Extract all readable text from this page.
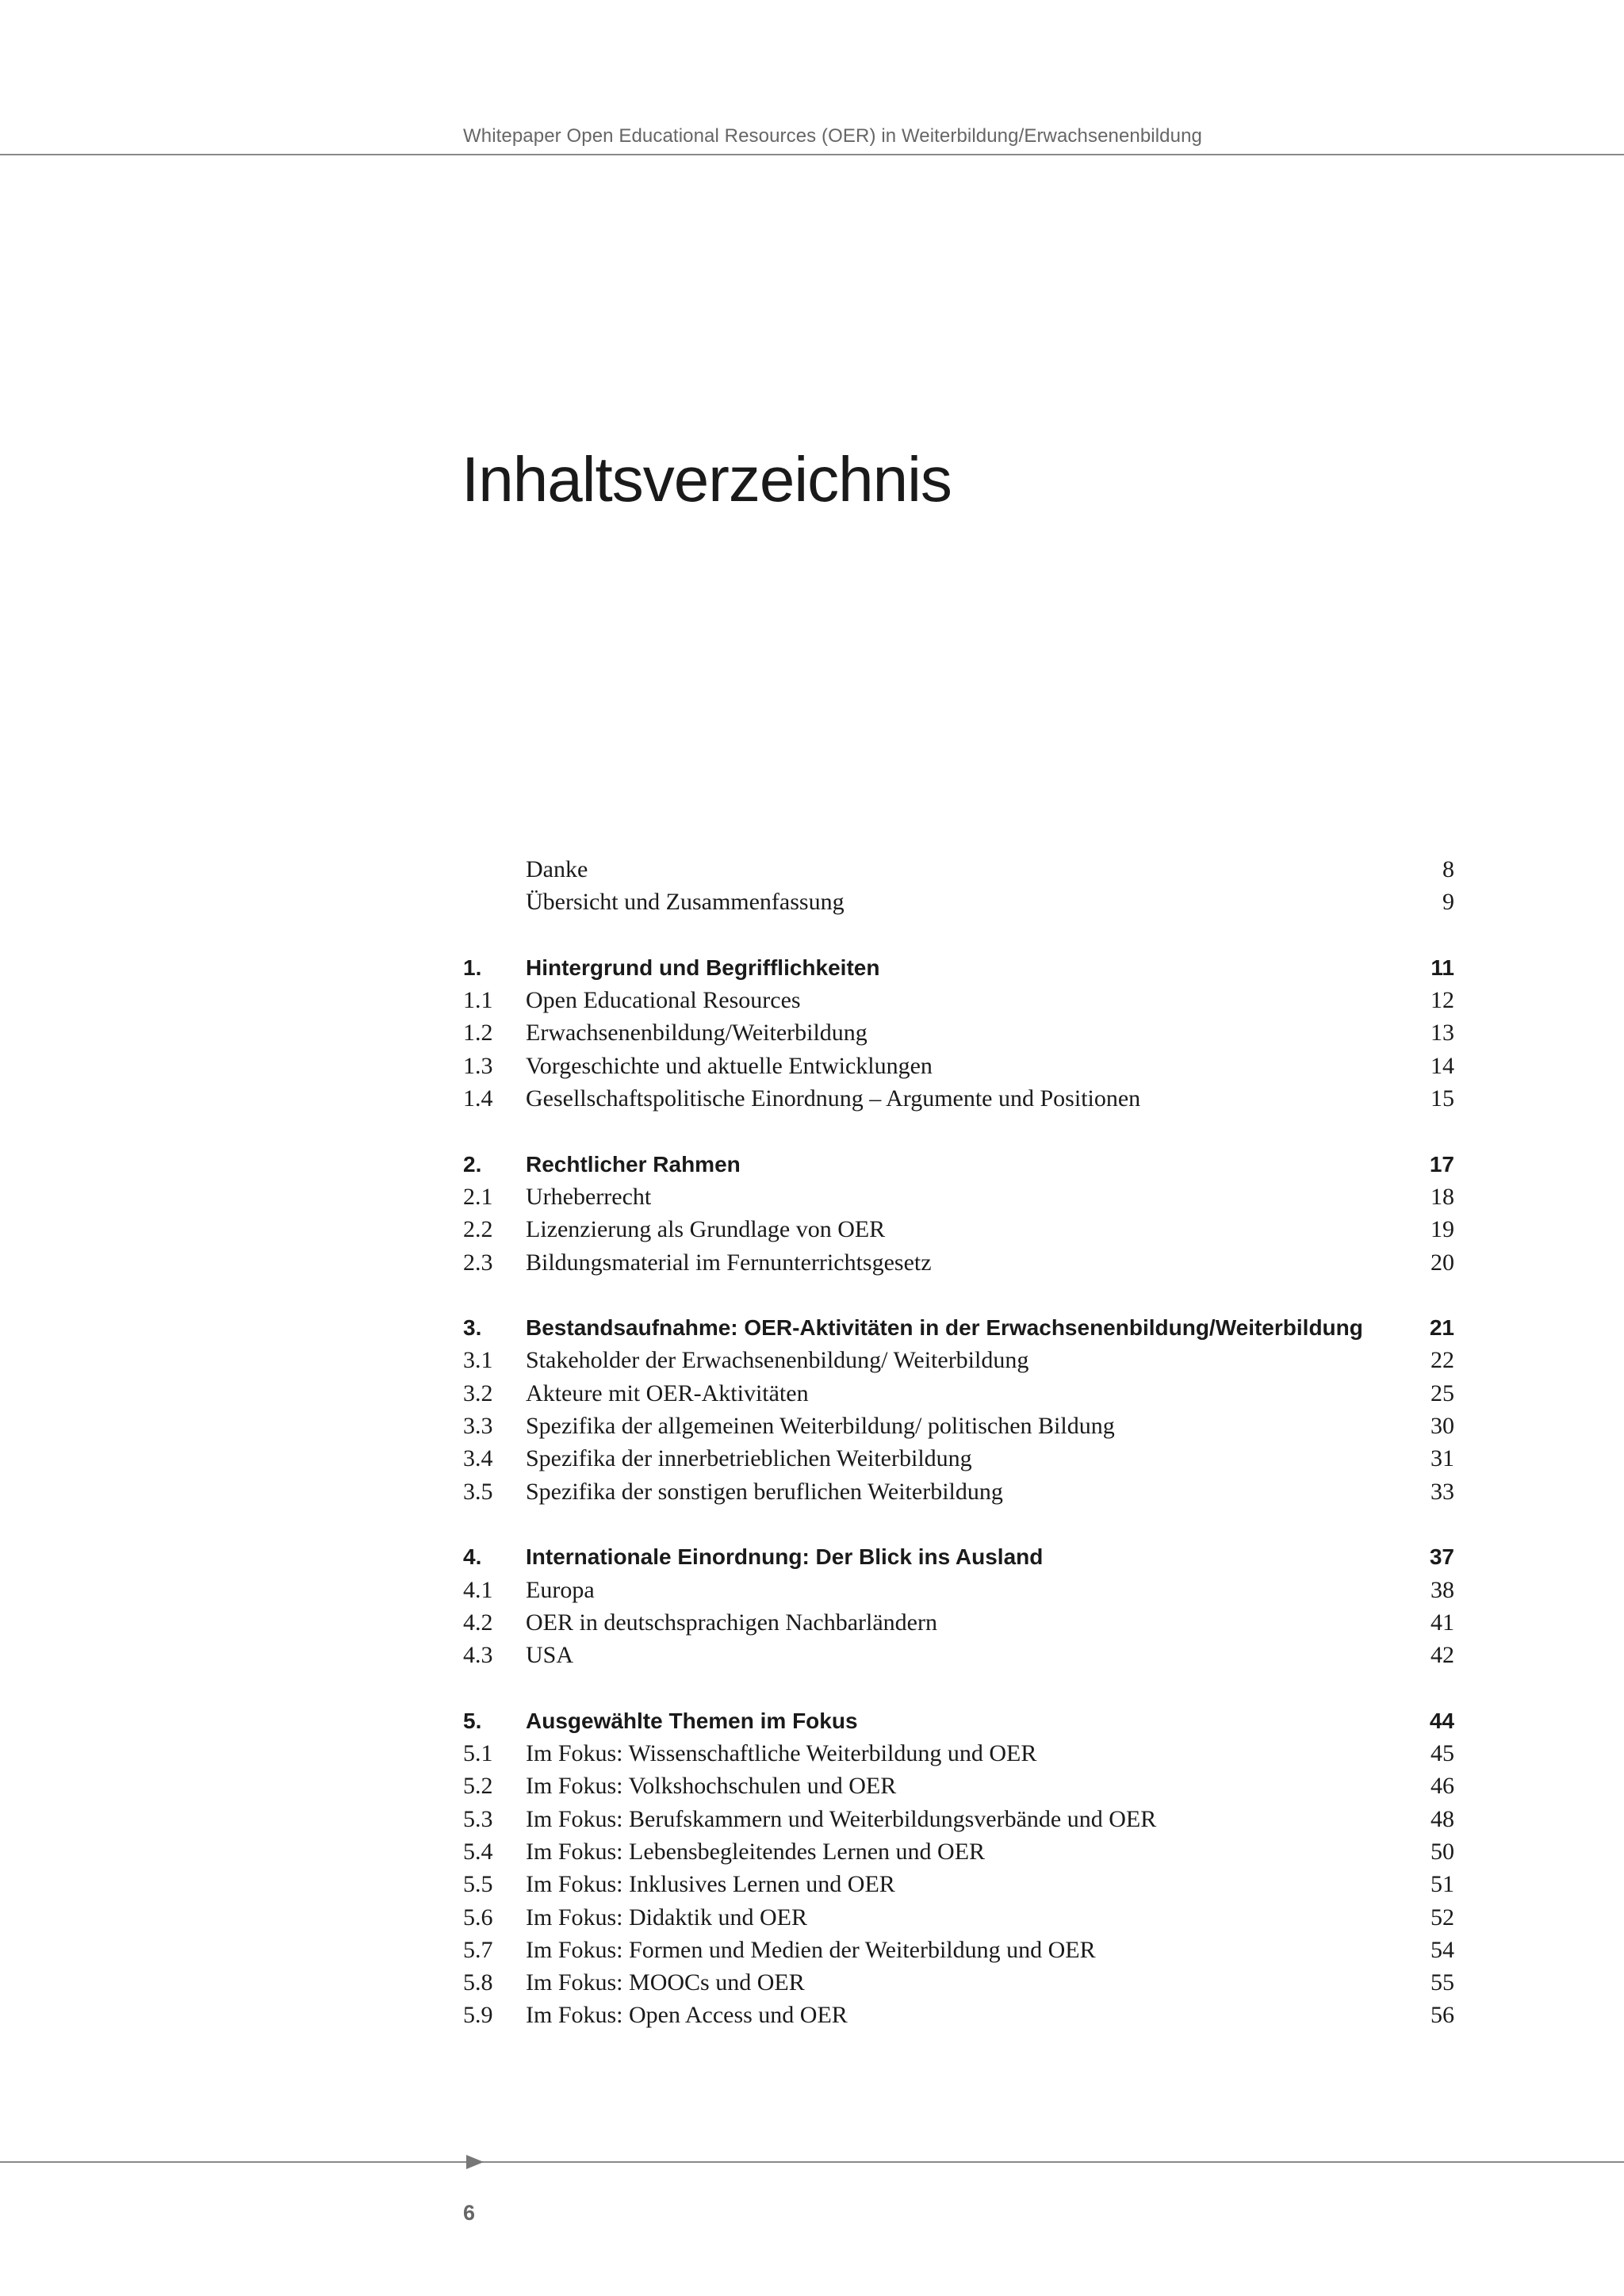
Whitepaper Open Educational Resources (OER) in Weiterbildung/Erwachsenenbildung
Inhaltsverzeichnis
Danke	8
Übersicht und Zusammenfassung	9
1. Hintergrund und Begrifflichkeiten	11
1.1 Open Educational Resources	12
1.2 Erwachsenenbildung/Weiterbildung	13
1.3 Vorgeschichte und aktuelle Entwicklungen	14
1.4 Gesellschaftspolitische Einordnung – Argumente und Positionen	15
2. Rechtlicher Rahmen	17
2.1 Urheberrecht	18
2.2 Lizenzierung als Grundlage von OER	19
2.3 Bildungsmaterial im Fernunterrichtsgesetz	20
3. Bestandsaufnahme: OER-Aktivitäten in der Erwachsenenbildung/Weiterbildung	21
3.1 Stakeholder der Erwachsenenbildung/ Weiterbildung	22
3.2 Akteure mit OER-Aktivitäten	25
3.3 Spezifika der allgemeinen Weiterbildung/ politischen Bildung	30
3.4 Spezifika der innerbetrieblichen Weiterbildung	31
3.5 Spezifika der sonstigen beruflichen Weiterbildung	33
4. Internationale Einordnung: Der Blick ins Ausland	37
4.1 Europa	38
4.2 OER in deutschsprachigen Nachbarländern	41
4.3 USA	42
5. Ausgewählte Themen im Fokus	44
5.1 Im Fokus: Wissenschaftliche Weiterbildung und OER	45
5.2 Im Fokus: Volkshochschulen und OER	46
5.3 Im Fokus: Berufskammern und Weiterbildungsverbände und OER	48
5.4 Im Fokus: Lebensbegleitendes Lernen und OER	50
5.5 Im Fokus: Inklusives Lernen und OER	51
5.6 Im Fokus: Didaktik und OER	52
5.7 Im Fokus: Formen und Medien der Weiterbildung und OER	54
5.8 Im Fokus: MOOCs und OER	55
5.9 Im Fokus: Open Access und OER	56
6
